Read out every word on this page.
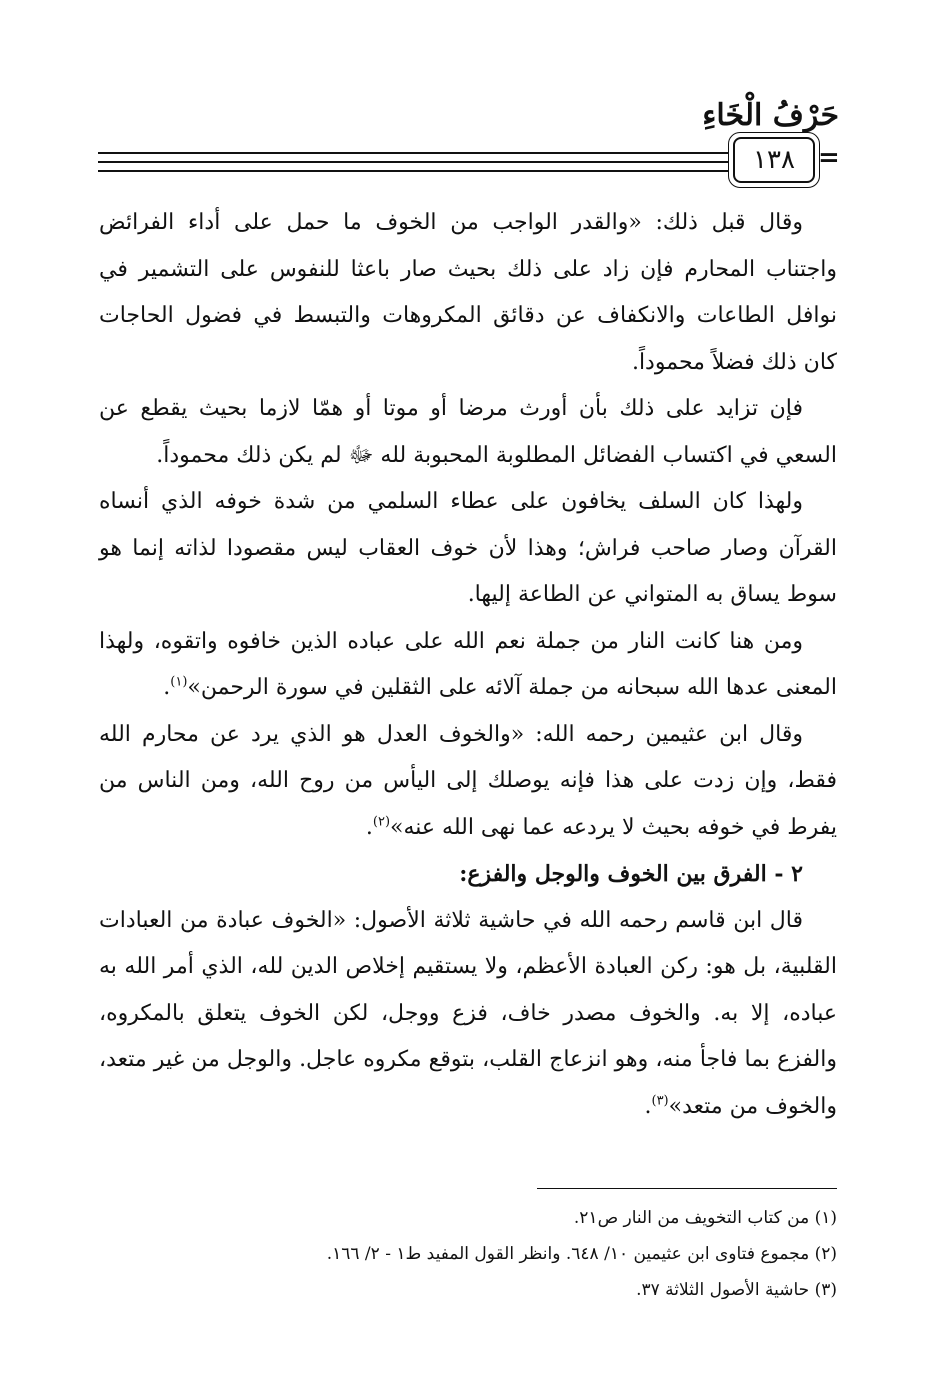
حَرْفُ الْخَاءِ
١٣٨ =

وقال قبل ذلك: «والقدر الواجب من الخوف ما حمل على أداء الفرائض واجتناب المحارم فإن زاد على ذلك بحيث صار باعثا للنفوس على التشمير في نوافل الطاعات والانكفاف عن دقائق المكروهات والتبسط في فضول الحاجات كان ذلك فضلاً محموداً.

فإن تزايد على ذلك بأن أورث مرضا أو موتا أو همّا لازما بحيث يقطع عن السعي في اكتساب الفضائل المطلوبة المحبوبة لله ﷻ لم يكن ذلك محموداً.

ولهذا كان السلف يخافون على عطاء السلمي من شدة خوفه الذي أنساه القرآن وصار صاحب فراش؛ وهذا لأن خوف العقاب ليس مقصودا لذاته إنما هو سوط يساق به المتواني عن الطاعة إليها.

ومن هنا كانت النار من جملة نعم الله على عباده الذين خافوه واتقوه، ولهذا المعنى عدها الله سبحانه من جملة آلائه على الثقلين في سورة الرحمن»$^{(١)}$.

وقال ابن عثيمين رحمه الله: «والخوف العدل هو الذي يرد عن محارم الله فقط، وإن زدت على هذا فإنه يوصلك إلى اليأس من روح الله، ومن الناس من يفرط في خوفه بحيث لا يردعه عما نهى الله عنه»$^{(٢)}$.

٢ - الفرق بين الخوف والوجل والفزع:

قال ابن قاسم رحمه الله في حاشية ثلاثة الأصول: «الخوف عبادة من العبادات القلبية، بل هو: ركن العبادة الأعظم، ولا يستقيم إخلاص الدين لله، الذي أمر الله به عباده، إلا به. والخوف مصدر خاف، فزع ووجل، لكن الخوف يتعلق بالمكروه، والفزع بما فاجأ منه، وهو انزعاج القلب، بتوقع مكروه عاجل. والوجل من غير متعد، والخوف من متعد»$^{(٣)}$.

(١) من كتاب التخويف من النار ص٢١.

(٢) مجموع فتاوى ابن عثيمين ١٠/ ٦٤٨. وانظر القول المفيد ط١ - ٢/ ١٦٦.

(٣) حاشية الأصول الثلاثة ٣٧.
